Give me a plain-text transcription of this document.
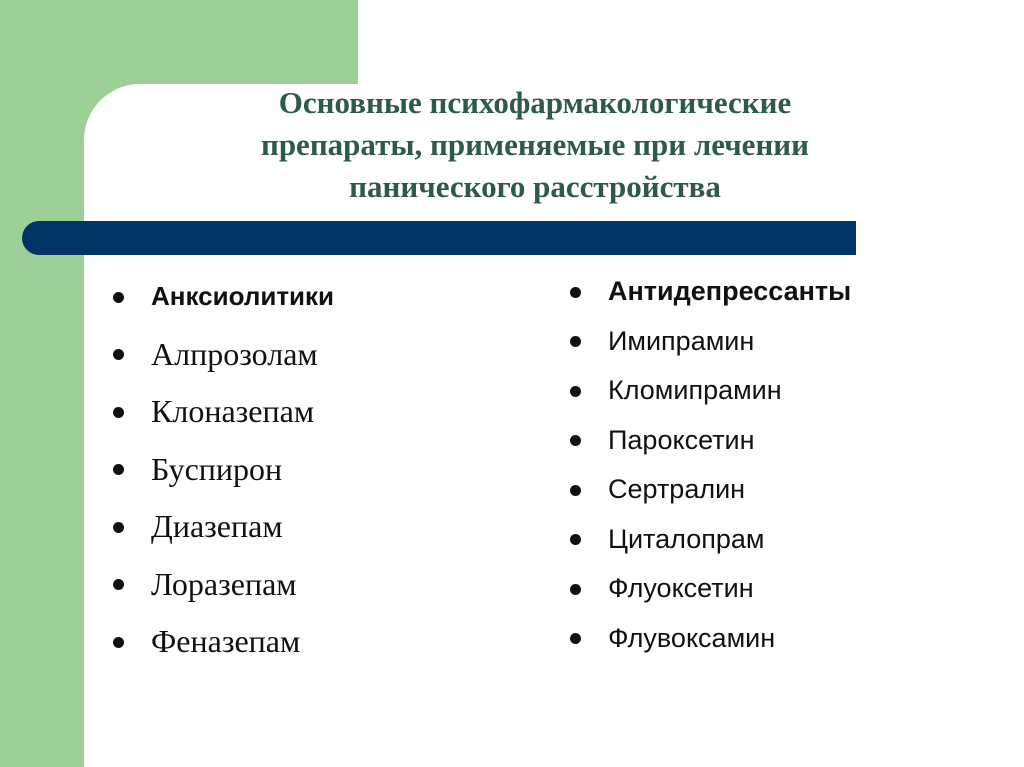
Основные психофармакологические
препараты, применяемые при лечении
панического расстройства
Анксиолитики
Алпрозолам
Клоназепам
Буспирон
Диазепам
Лоразепам
Феназепам
Антидепрессанты
Имипрамин
Кломипрамин
Пароксетин
Сертралин
Циталопрам
Флуоксетин
Флувоксамин
